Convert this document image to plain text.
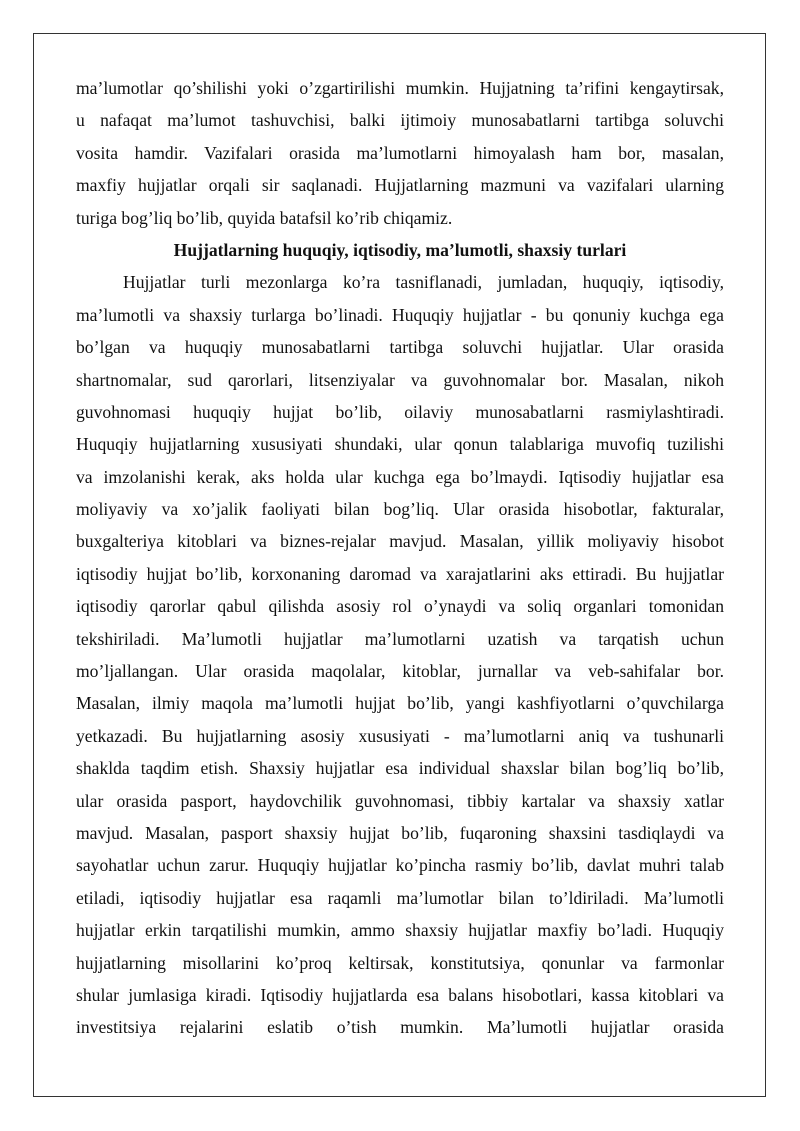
ma’lumotlar qo’shilishi yoki o’zgartirilishi mumkin. Hujjatning ta’rifini kengaytirsak,
u nafaqat ma’lumot tashuvchisi, balki ijtimoiy munosabatlarni tartibga soluvchi
vosita hamdir. Vazifalari orasida ma’lumotlarni himoyalash ham bor, masalan,
maxfiy hujjatlar orqali sir saqlanadi. Hujjatlarning mazmuni va vazifalari ularning
turiga bog’liq bo’lib, quyida batafsil ko’rib chiqamiz.
Hujjatlarning huquqiy, iqtisodiy, ma’lumotli, shaxsiy turlari
Hujjatlar turli mezonlarga ko’ra tasniflanadi, jumladan, huquqiy, iqtisodiy,
ma’lumotli va shaxsiy turlarga bo’linadi. Huquqiy hujjatlar - bu qonuniy kuchga ega
bo’lgan va huquqiy munosabatlarni tartibga soluvchi hujjatlar. Ular orasida
shartnomalar, sud qarorlari, litsenziyalar va guvohnomalar bor. Masalan, nikoh
guvohnomasi huquqiy hujjat bo’lib, oilaviy munosabatlarni rasmiylashtiradi.
Huquqiy hujjatlarning xususiyati shundaki, ular qonun talablariga muvofiq tuzilishi
va imzolanishi kerak, aks holda ular kuchga ega bo’lmaydi. Iqtisodiy hujjatlar esa
moliyaviy va xo’jalik faoliyati bilan bog’liq. Ular orasida hisobotlar, fakturalar,
buxgalteriya kitoblari va biznes-rejalar mavjud. Masalan, yillik moliyaviy hisobot
iqtisodiy hujjat bo’lib, korxonaning daromad va xarajatlarini aks ettiradi. Bu hujjatlar
iqtisodiy qarorlar qabul qilishda asosiy rol o’ynaydi va soliq organlari tomonidan
tekshiriladi. Ma’lumotli hujjatlar ma’lumotlarni uzatish va tarqatish uchun
mo’ljallangan. Ular orasida maqolalar, kitoblar, jurnallar va veb-sahifalar bor.
Masalan, ilmiy maqola ma’lumotli hujjat bo’lib, yangi kashfiyotlarni o’quvchilarga
yetkazadi. Bu hujjatlarning asosiy xususiyati - ma’lumotlarni aniq va tushunarli
shaklda taqdim etish. Shaxsiy hujjatlar esa individual shaxslar bilan bog’liq bo’lib,
ular orasida pasport, haydovchilik guvohnomasi, tibbiy kartalar va shaxsiy xatlar
mavjud. Masalan, pasport shaxsiy hujjat bo’lib, fuqaroning shaxsini tasdiqlaydi va
sayohatlar uchun zarur. Huquqiy hujjatlar ko’pincha rasmiy bo’lib, davlat muhri talab
etiladi, iqtisodiy hujjatlar esa raqamli ma’lumotlar bilan to’ldiriladi. Ma’lumotli
hujjatlar erkin tarqatilishi mumkin, ammo shaxsiy hujjatlar maxfiy bo’ladi. Huquqiy
hujjatlarning misollarini ko’proq keltirsak, konstitutsiya, qonunlar va farmonlar
shular jumlasiga kiradi. Iqtisodiy hujjatlarda esa balans hisobotlari, kassa kitoblari va
investitsiya rejalarini eslatib o’tish mumkin. Ma’lumotli hujjatlar orasida
